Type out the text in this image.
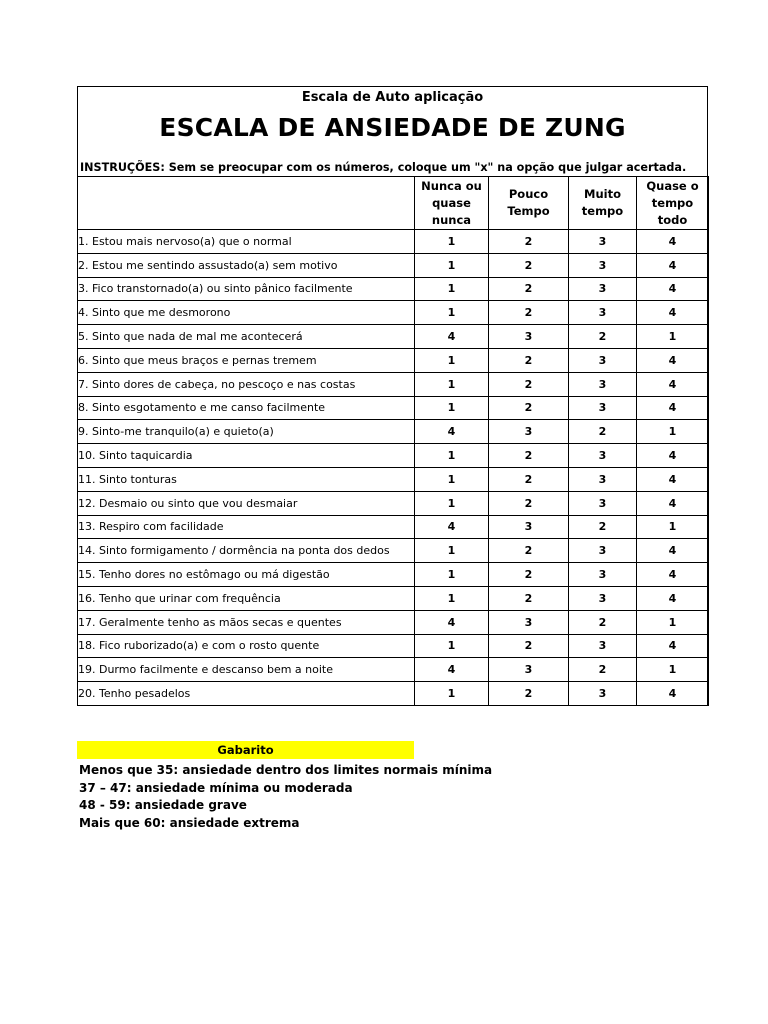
Escala de Auto aplicação
ESCALA DE ANSIEDADE DE ZUNG
INSTRUÇÕES: Sem se preocupar com os números, coloque um "x" na opção que julgar acertada.
	Nunca ou quase nunca	Pouco Tempo	Muito tempo	Quase o tempo todo
1. Estou mais nervoso(a) que o normal	1	2	3	4
2. Estou me sentindo assustado(a) sem motivo	1	2	3	4
3. Fico transtornado(a) ou sinto pânico facilmente	1	2	3	4
4. Sinto que me desmorono	1	2	3	4
5. Sinto que nada de mal me acontecerá	4	3	2	1
6. Sinto que meus braços e pernas tremem	1	2	3	4
7. Sinto dores de cabeça, no pescoço e nas costas	1	2	3	4
8. Sinto esgotamento e me canso facilmente	1	2	3	4
9. Sinto-me tranquilo(a) e quieto(a)	4	3	2	1
10. Sinto taquicardia	1	2	3	4
11. Sinto tonturas	1	2	3	4
12. Desmaio ou sinto que vou desmaiar	1	2	3	4
13. Respiro com facilidade	4	3	2	1
14. Sinto formigamento / dormência na ponta dos dedos	1	2	3	4
15. Tenho dores no estômago ou má digestão	1	2	3	4
16. Tenho que urinar com frequência	1	2	3	4
17. Geralmente tenho as mãos secas e quentes	4	3	2	1
18. Fico ruborizado(a) e com o rosto quente	1	2	3	4
19. Durmo facilmente e descanso bem a noite	4	3	2	1
20. Tenho pesadelos	1	2	3	4
Gabarito
Menos que 35: ansiedade dentro dos limites normais mínima
37 – 47: ansiedade mínima ou moderada
48 - 59: ansiedade grave
Mais que 60: ansiedade extrema
